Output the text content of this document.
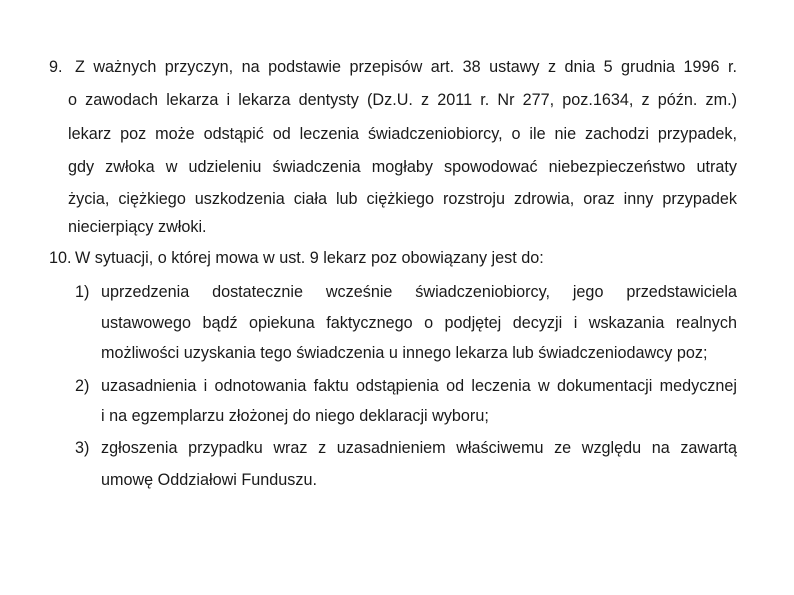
9. Z ważnych przyczyn, na podstawie przepisów art. 38 ustawy z dnia 5 grudnia 1996 r.
o zawodach lekarza i lekarza dentysty (Dz.U. z 2011 r. Nr 277, poz.1634, z późn. zm.)
lekarz poz może odstąpić od leczenia świadczeniobiorcy, o ile nie zachodzi przypadek,
gdy zwłoka w udzieleniu świadczenia mogłaby spowodować niebezpieczeństwo utraty
życia, ciężkiego uszkodzenia ciała lub ciężkiego rozstroju zdrowia, oraz inny przypadek
niecierpiący zwłoki.
10. W sytuacji, o której mowa w ust. 9 lekarz poz obowiązany jest do:
1) uprzedzenia dostatecznie wcześnie świadczeniobiorcy, jego przedstawiciela
ustawowego bądź opiekuna faktycznego o podjętej decyzji i wskazania realnych
możliwości uzyskania tego świadczenia u innego lekarza lub świadczeniodawcy poz;
2) uzasadnienia i odnotowania faktu odstąpienia od leczenia w dokumentacji medycznej
i na egzemplarzu złożonej do niego deklaracji wyboru;
3) zgłoszenia przypadku wraz z uzasadnieniem właściwemu ze względu na zawartą
umowę Oddziałowi Funduszu.
